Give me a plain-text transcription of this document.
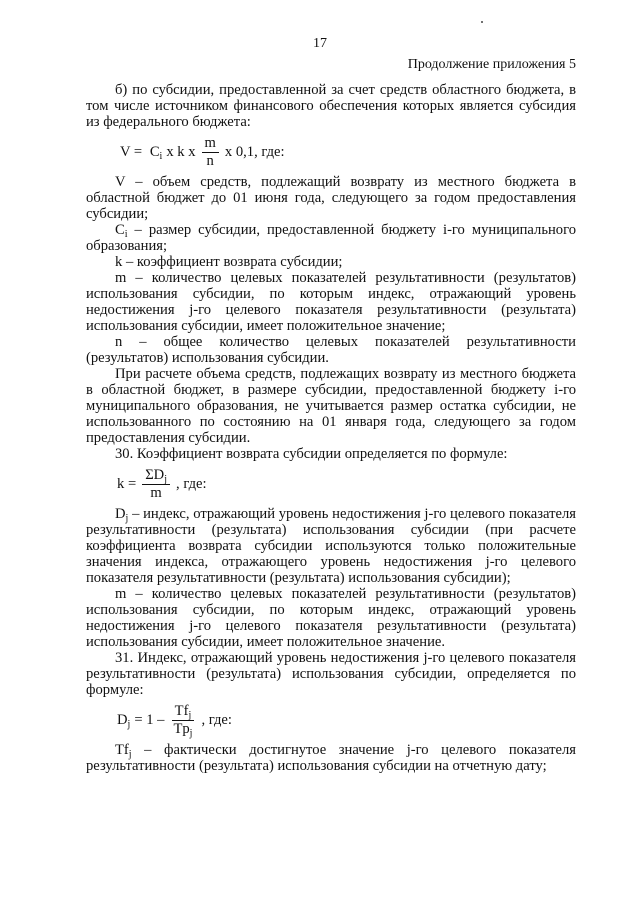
17
Продолжение приложения 5

б) по субсидии, предоставленной за счет средств областного бюджета, в том числе источником финансового обеспечения которых является субсидия из федерального бюджета:

$V = C_i$ x k x $\frac{m}{n}$ x 0,1, где:

V – объем средств, подлежащий возврату из местного бюджета в областной бюджет до 01 июня года, следующего за годом предоставления субсидии;

$C_i$ – размер субсидии, предоставленной бюджету i-го муниципального образования;

k – коэффициент возврата субсидии;

m – количество целевых показателей результативности (результатов) использования субсидии, по которым индекс, отражающий уровень недостижения j-го целевого показателя результативности (результата) использования субсидии, имеет положительное значение;

n – общее количество целевых показателей результативности (результатов) использования субсидии.

При расчете объема средств, подлежащих возврату из местного бюджета в областной бюджет, в размере субсидии, предоставленной бюджету i-го муниципального образования, не учитывается размер остатка субсидии, не использованного по состоянию на 01 января года, следующего за годом предоставления субсидии.

30. Коэффициент возврата субсидии определяется по формуле:

$k = \frac{\Sigma D_j}{m}$ , где:

$D_j$ – индекс, отражающий уровень недостижения j-го целевого показателя результативности (результата) использования субсидии (при расчете коэффициента возврата субсидии используются только положительные значения индекса, отражающего уровень недостижения j-го целевого показателя результативности (результата) использования субсидии);

m – количество целевых показателей результативности (результатов) использования субсидии, по которым индекс, отражающий уровень недостижения j-го целевого показателя результативности (результата) использования субсидии, имеет положительное значение.

31. Индекс, отражающий уровень недостижения j-го целевого показателя результативности (результата) использования субсидии, определяется по формуле:

$D_j = 1 - \frac{Tf_j}{Tp_j}$ , где:

$Tf_j$ – фактически достигнутое значение j-го целевого показателя результативности (результата) использования субсидии на отчетную дату;
